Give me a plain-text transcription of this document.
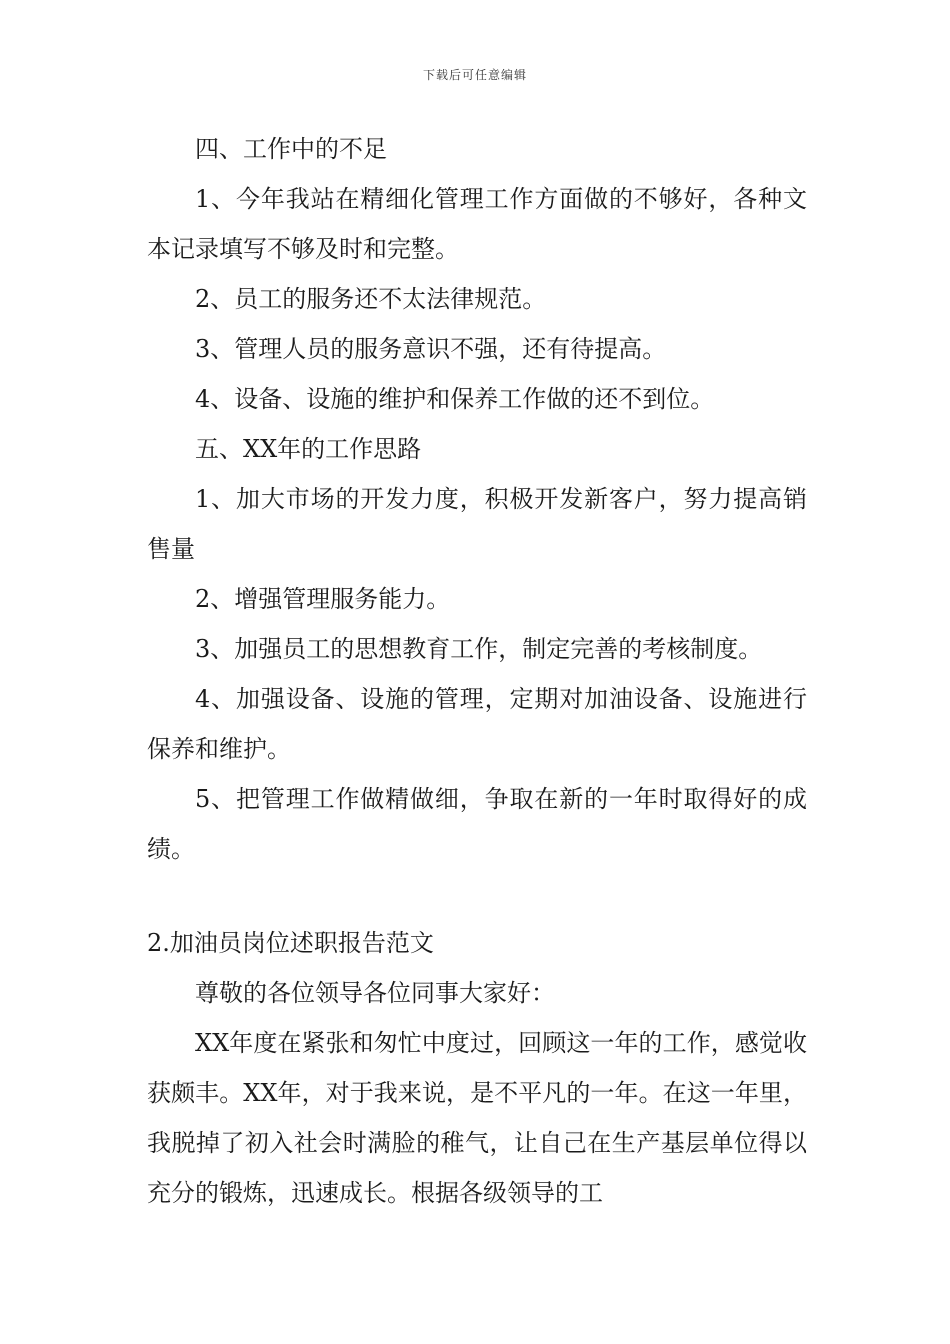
下载后可任意编辑

四、工作中的不足

1、今年我站在精细化管理工作方面做的不够好，各种文本记录填写不够及时和完整。

2、员工的服务还不太法律规范。

3、管理人员的服务意识不强，还有待提高。

4、设备、设施的维护和保养工作做的还不到位。

五、XX年的工作思路

1、加大市场的开发力度，积极开发新客户，努力提高销售量

2、增强管理服务能力。

3、加强员工的思想教育工作，制定完善的考核制度。

4、加强设备、设施的管理，定期对加油设备、设施进行保养和维护。

5、把管理工作做精做细，争取在新的一年时取得好的成绩。

2.加油员岗位述职报告范文

尊敬的各位领导各位同事大家好：

XX年度在紧张和匆忙中度过，回顾这一年的工作，感觉收获颇丰。XX年，对于我来说，是不平凡的一年。在这一年里，我脱掉了初入社会时满脸的稚气，让自己在生产基层单位得以充分的锻炼，迅速成长。根据各级领导的工
